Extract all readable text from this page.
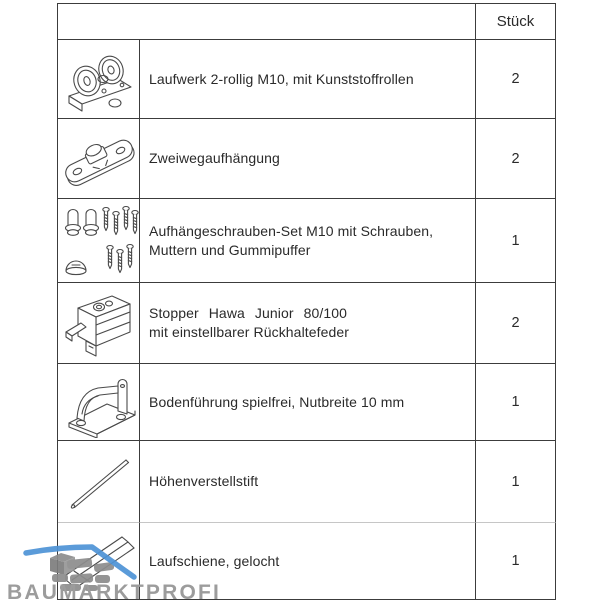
		Stück

Laufwerk 2-rollig M10, mit Kunststoffrollen	2

Zweiwegaufhängung	2

Aufhängeschrauben-Set M10 mit Schrauben,
Muttern und Gummipuffer	1

Stopper Hawa Junior 80/100
mit einstellbarer Rückhaltefeder	2

Bodenführung spielfrei, Nutbreite 10 mm	1

Höhenverstellstift	1

Laufschiene, gelocht	1
BAUMARKTPROFI
